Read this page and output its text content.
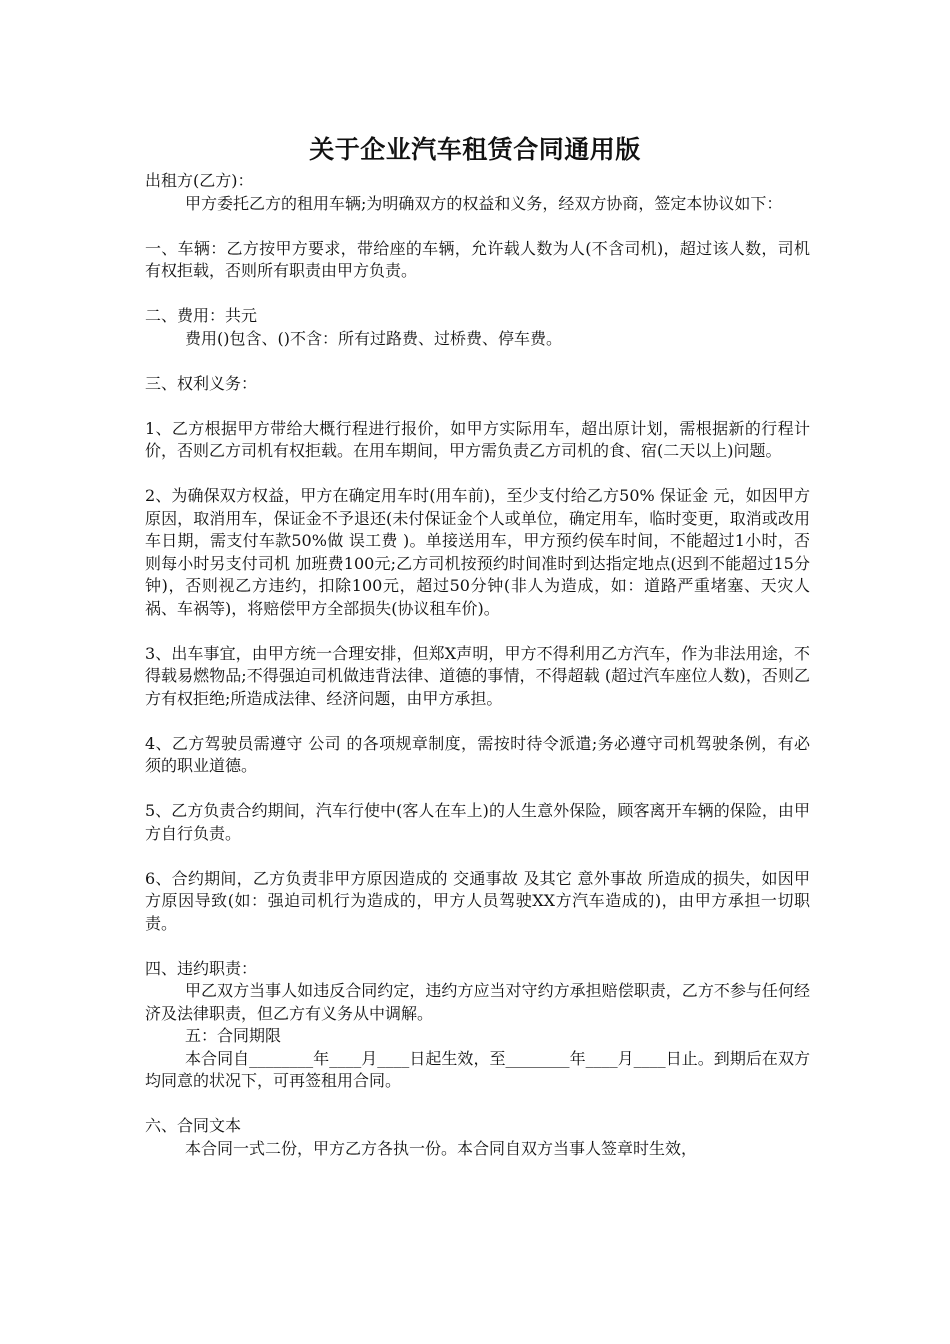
关于企业汽车租赁合同通用版

出租方(乙方)：

甲方委托乙方的租用车辆;为明确双方的权益和义务，经双方协商，签定本协议如下：

一、车辆：乙方按甲方要求，带给座的车辆，允许载人数为人(不含司机)，超过该人数，司机有权拒载，否则所有职责由甲方负责。

二、费用：共元

费用()包含、()不含：所有过路费、过桥费、停车费。

三、权利义务：

1、乙方根据甲方带给大概行程进行报价，如甲方实际用车，超出原计划，需根据新的行程计价，否则乙方司机有权拒载。在用车期间，甲方需负责乙方司机的食、宿(二天以上)问题。

2、为确保双方权益，甲方在确定用车时(用车前)，至少支付给乙方50% 保证金 元，如因甲方原因，取消用车，保证金不予退还(未付保证金个人或单位，确定用车，临时变更，取消或改用车日期，需支付车款50%做 误工费 )。单接送用车，甲方预约侯车时间，不能超过1小时，否则每小时另支付司机 加班费100元;乙方司机按预约时间准时到达指定地点(迟到不能超过15分钟)，否则视乙方违约，扣除100元，超过50分钟(非人为造成，如：道路严重堵塞、天灾人祸、车祸等)，将赔偿甲方全部损失(协议租车价)。

3、出车事宜，由甲方统一合理安排，但郑X声明，甲方不得利用乙方汽车，作为非法用途，不得载易燃物品;不得强迫司机做违背法律、道德的事情，不得超载 (超过汽车座位人数)，否则乙方有权拒绝;所造成法律、经济问题，由甲方承担。

4、乙方驾驶员需遵守 公司 的各项规章制度，需按时待令派遣;务必遵守司机驾驶条例，有必须的职业道德。

5、乙方负责合约期间，汽车行使中(客人在车上)的人生意外保险，顾客离开车辆的保险，由甲方自行负责。

6、合约期间，乙方负责非甲方原因造成的 交通事故 及其它 意外事故 所造成的损失，如因甲方原因导致(如：强迫司机行为造成的，甲方人员驾驶XX方汽车造成的)，由甲方承担一切职责。

四、违约职责：

甲乙双方当事人如违反合同约定，违约方应当对守约方承担赔偿职责，乙方不参与任何经济及法律职责，但乙方有义务从中调解。

五：合同期限

本合同自________年____月____日起生效，至________年____月____日止。到期后在双方均同意的状况下，可再签租用合同。

六、合同文本

本合同一式二份，甲方乙方各执一份。本合同自双方当事人签章时生效，
